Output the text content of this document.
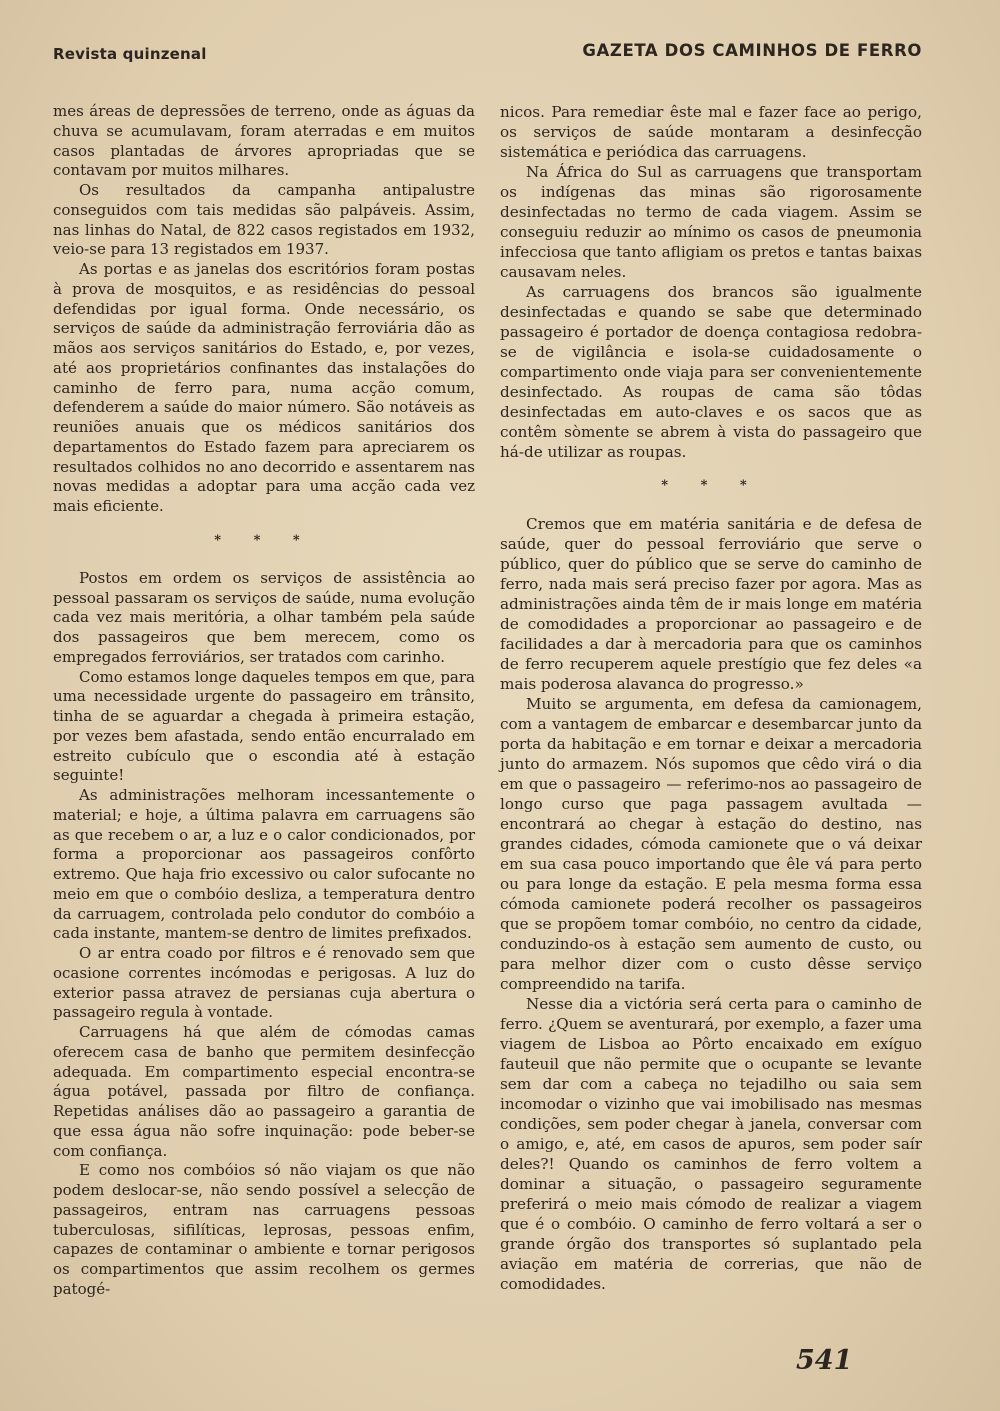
Revista quinzenal	GAZETA DOS CAMINHOS DE FERRO

mes áreas de depressões de terreno, onde as águas da chuva se acumulavam, foram aterradas e em muitos casos plantadas de árvores apropriadas que se contavam por muitos milhares.

Os resultados da campanha antipalustre conseguidos com tais medidas são palpáveis. Assim, nas linhas do Natal, de 822 casos registados em 1932, veio-se para 13 registados em 1937.

As portas e as janelas dos escritórios foram postas à prova de mosquitos, e as residências do pessoal defendidas por igual forma. Onde necessário, os serviços de saúde da administração ferroviária dão as mãos aos serviços sanitários do Estado, e, por vezes, até aos proprietários confinantes das instalações do caminho de ferro para, numa acção comum, defenderem a saúde do maior número. São notáveis as reuniões anuais que os médicos sanitários dos departamentos do Estado fazem para apreciarem os resultados colhidos no ano decorrido e assentarem nas novas medidas a adoptar para uma acção cada vez mais eficiente.

* * *

Postos em ordem os serviços de assistência ao pessoal passaram os serviços de saúde, numa evolução cada vez mais meritória, a olhar também pela saúde dos passageiros que bem merecem, como os empregados ferroviários, ser tratados com carinho.

Como estamos longe daqueles tempos em que, para uma necessidade urgente do passageiro em trânsito, tinha de se aguardar a chegada à primeira estação, por vezes bem afastada, sendo então encurralado em estreito cubículo que o escondia até à estação seguinte!

As administrações melhoram incessantemente o material; e hoje, a última palavra em carruagens são as que recebem o ar, a luz e o calor condicionados, por forma a proporcionar aos passageiros confôrto extremo. Que haja frio excessivo ou calor sufocante no meio em que o combóio desliza, a temperatura dentro da carruagem, controlada pelo condutor do combóio a cada instante, mantem-se dentro de limites prefixados.

O ar entra coado por filtros e é renovado sem que ocasione correntes incómodas e perigosas. A luz do exterior passa atravez de persianas cuja abertura o passageiro regula à vontade.

Carruagens há que além de cómodas camas oferecem casa de banho que permitem desinfecção adequada. Em compartimento especial encontra-se água potável, passada por filtro de confiança. Repetidas análises dão ao passageiro a garantia de que essa água não sofre inquinação: pode beber-se com confiança.

E como nos combóios só não viajam os que não podem deslocar-se, não sendo possível a selecção de passageiros, entram nas carruagens pessoas tuberculosas, sifilíticas, leprosas, pessoas enfim, capazes de contaminar o ambiente e tornar perigosos os compartimentos que assim recolhem os germes patogé-

nicos. Para remediar êste mal e fazer face ao perigo, os serviços de saúde montaram a desinfecção sistemática e periódica das carruagens.

Na África do Sul as carruagens que transportam os indígenas das minas são rigorosamente desinfectadas no termo de cada viagem. Assim se conseguiu reduzir ao mínimo os casos de pneumonia infecciosa que tanto afligiam os pretos e tantas baixas causavam neles.

As carruagens dos brancos são igualmente desinfectadas e quando se sabe que determinado passageiro é portador de doença contagiosa redobra-se de vigilância e isola-se cuidadosamente o compartimento onde viaja para ser convenientemente desinfectado. As roupas de cama são tôdas desinfectadas em auto-claves e os sacos que as contêm sòmente se abrem à vista do passageiro que há-de utilizar as roupas.

* * *

Cremos que em matéria sanitária e de defesa de saúde, quer do pessoal ferroviário que serve o público, quer do público que se serve do caminho de ferro, nada mais será preciso fazer por agora. Mas as administrações ainda têm de ir mais longe em matéria de comodidades a proporcionar ao passageiro e de facilidades a dar à mercadoria para que os caminhos de ferro recuperem aquele prestígio que fez deles «a mais poderosa alavanca do progresso.»

Muito se argumenta, em defesa da camionagem, com a vantagem de embarcar e desembarcar junto da porta da habitação e em tornar e deixar a mercadoria junto do armazem. Nós supomos que cêdo virá o dia em que o passageiro — referimo-nos ao passageiro de longo curso que paga passagem avultada — encontrará ao chegar à estação do destino, nas grandes cidades, cómoda camionete que o vá deixar em sua casa pouco importando que êle vá para perto ou para longe da estação. E pela mesma forma essa cómoda camionete poderá recolher os passageiros que se propõem tomar combóio, no centro da cidade, conduzindo-os à estação sem aumento de custo, ou para melhor dizer com o custo dêsse serviço compreendido na tarifa.

Nesse dia a victória será certa para o caminho de ferro. ¿Quem se aventurará, por exemplo, a fazer uma viagem de Lisboa ao Pôrto encaixado em exíguo fauteuil que não permite que o ocupante se levante sem dar com a cabeça no tejadilho ou saia sem incomodar o vizinho que vai imobilisado nas mesmas condições, sem poder chegar à janela, conversar com o amigo, e, até, em casos de apuros, sem poder saír deles?! Quando os caminhos de ferro voltem a dominar a situação, o passageiro seguramente preferirá o meio mais cómodo de realizar a viagem que é o combóio. O caminho de ferro voltará a ser o grande órgão dos transportes só suplantado pela aviação em matéria de correrias, que não de comodidades.

541
